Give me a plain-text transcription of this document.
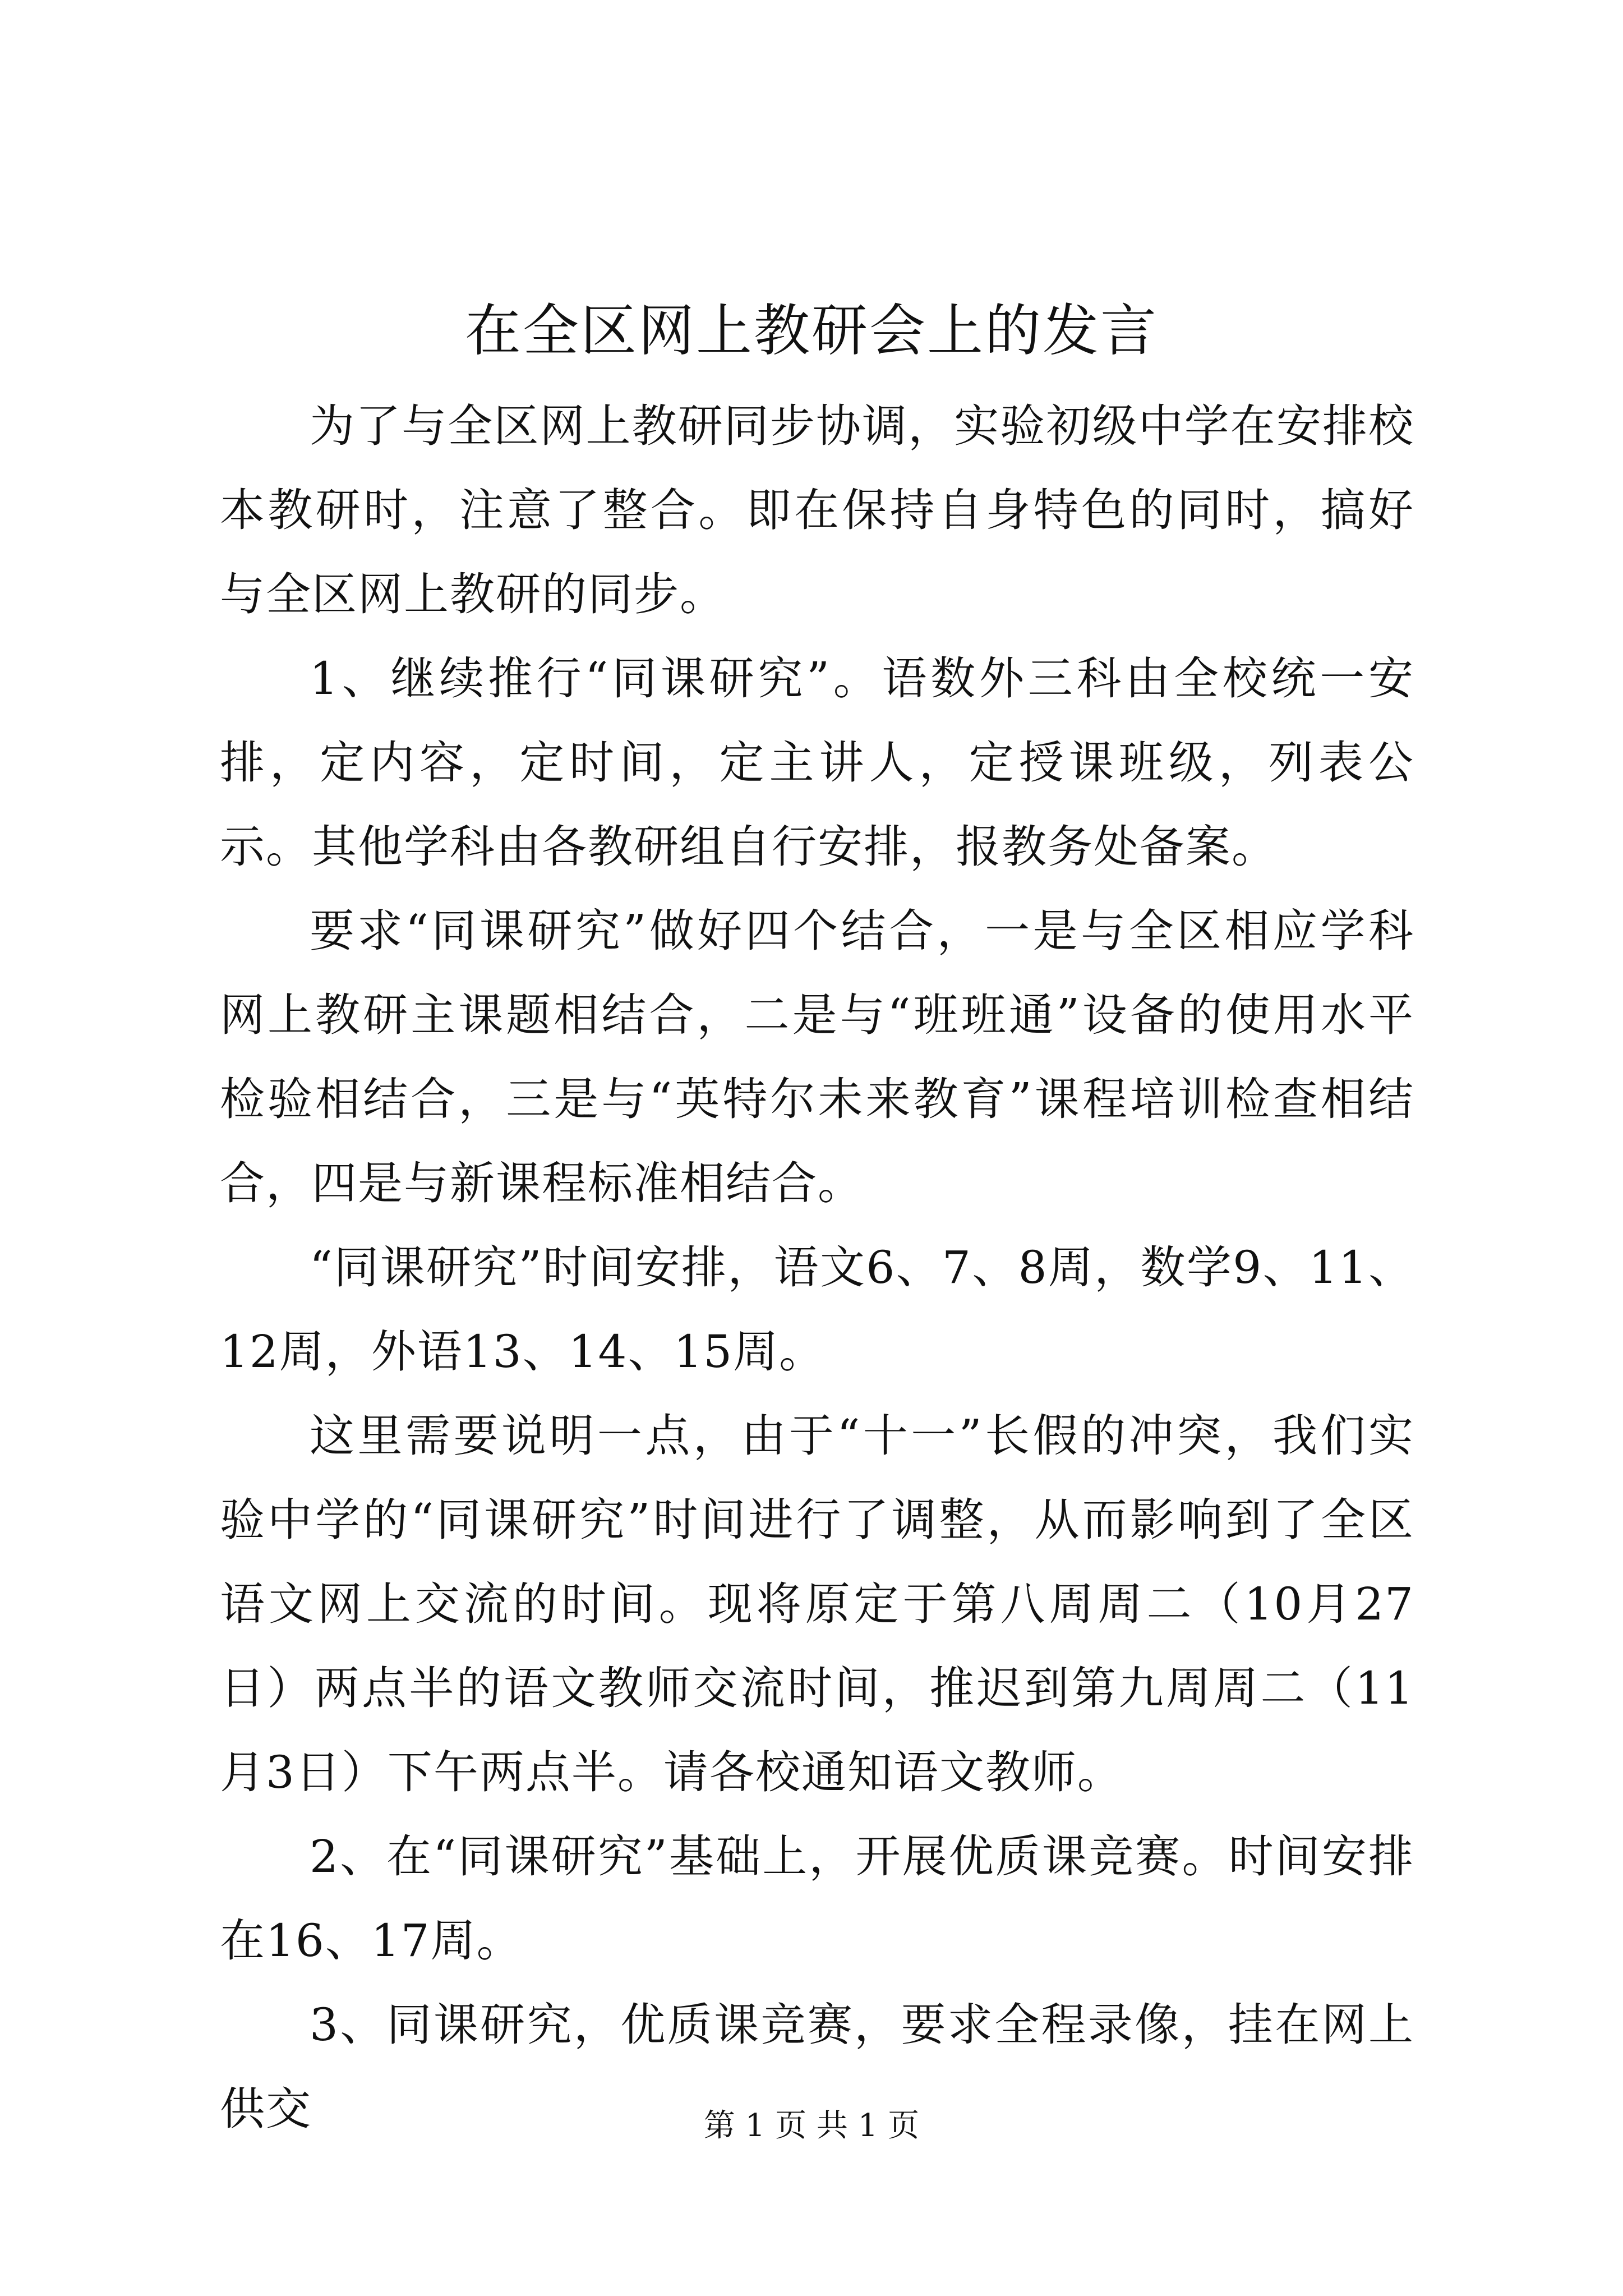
在全区网上教研会上的发言

为了与全区网上教研同步协调，实验初级中学在安排校本教研时，注意了整合。即在保持自身特色的同时，搞好与全区网上教研的同步。

1、继续推行“同课研究”。语数外三科由全校统一安排，定内容，定时间，定主讲人，定授课班级，列表公示。其他学科由各教研组自行安排，报教务处备案。

要求“同课研究”做好四个结合，一是与全区相应学科网上教研主课题相结合，二是与“班班通”设备的使用水平检验相结合，三是与“英特尔未来教育”课程培训检查相结合，四是与新课程标准相结合。

“同课研究”时间安排，语文6、7、8周，数学9、11、12周，外语13、14、15周。

这里需要说明一点，由于“十一”长假的冲突，我们实验中学的“同课研究”时间进行了调整，从而影响到了全区语文网上交流的时间。现将原定于第八周周二（10月27日）两点半的语文教师交流时间，推迟到第九周周二（11月3日）下午两点半。请各校通知语文教师。

2、在“同课研究”基础上，开展优质课竞赛。时间安排在16、17周。

3、同课研究，优质课竞赛，要求全程录像，挂在网上供交	第 1 页 共 1 页
